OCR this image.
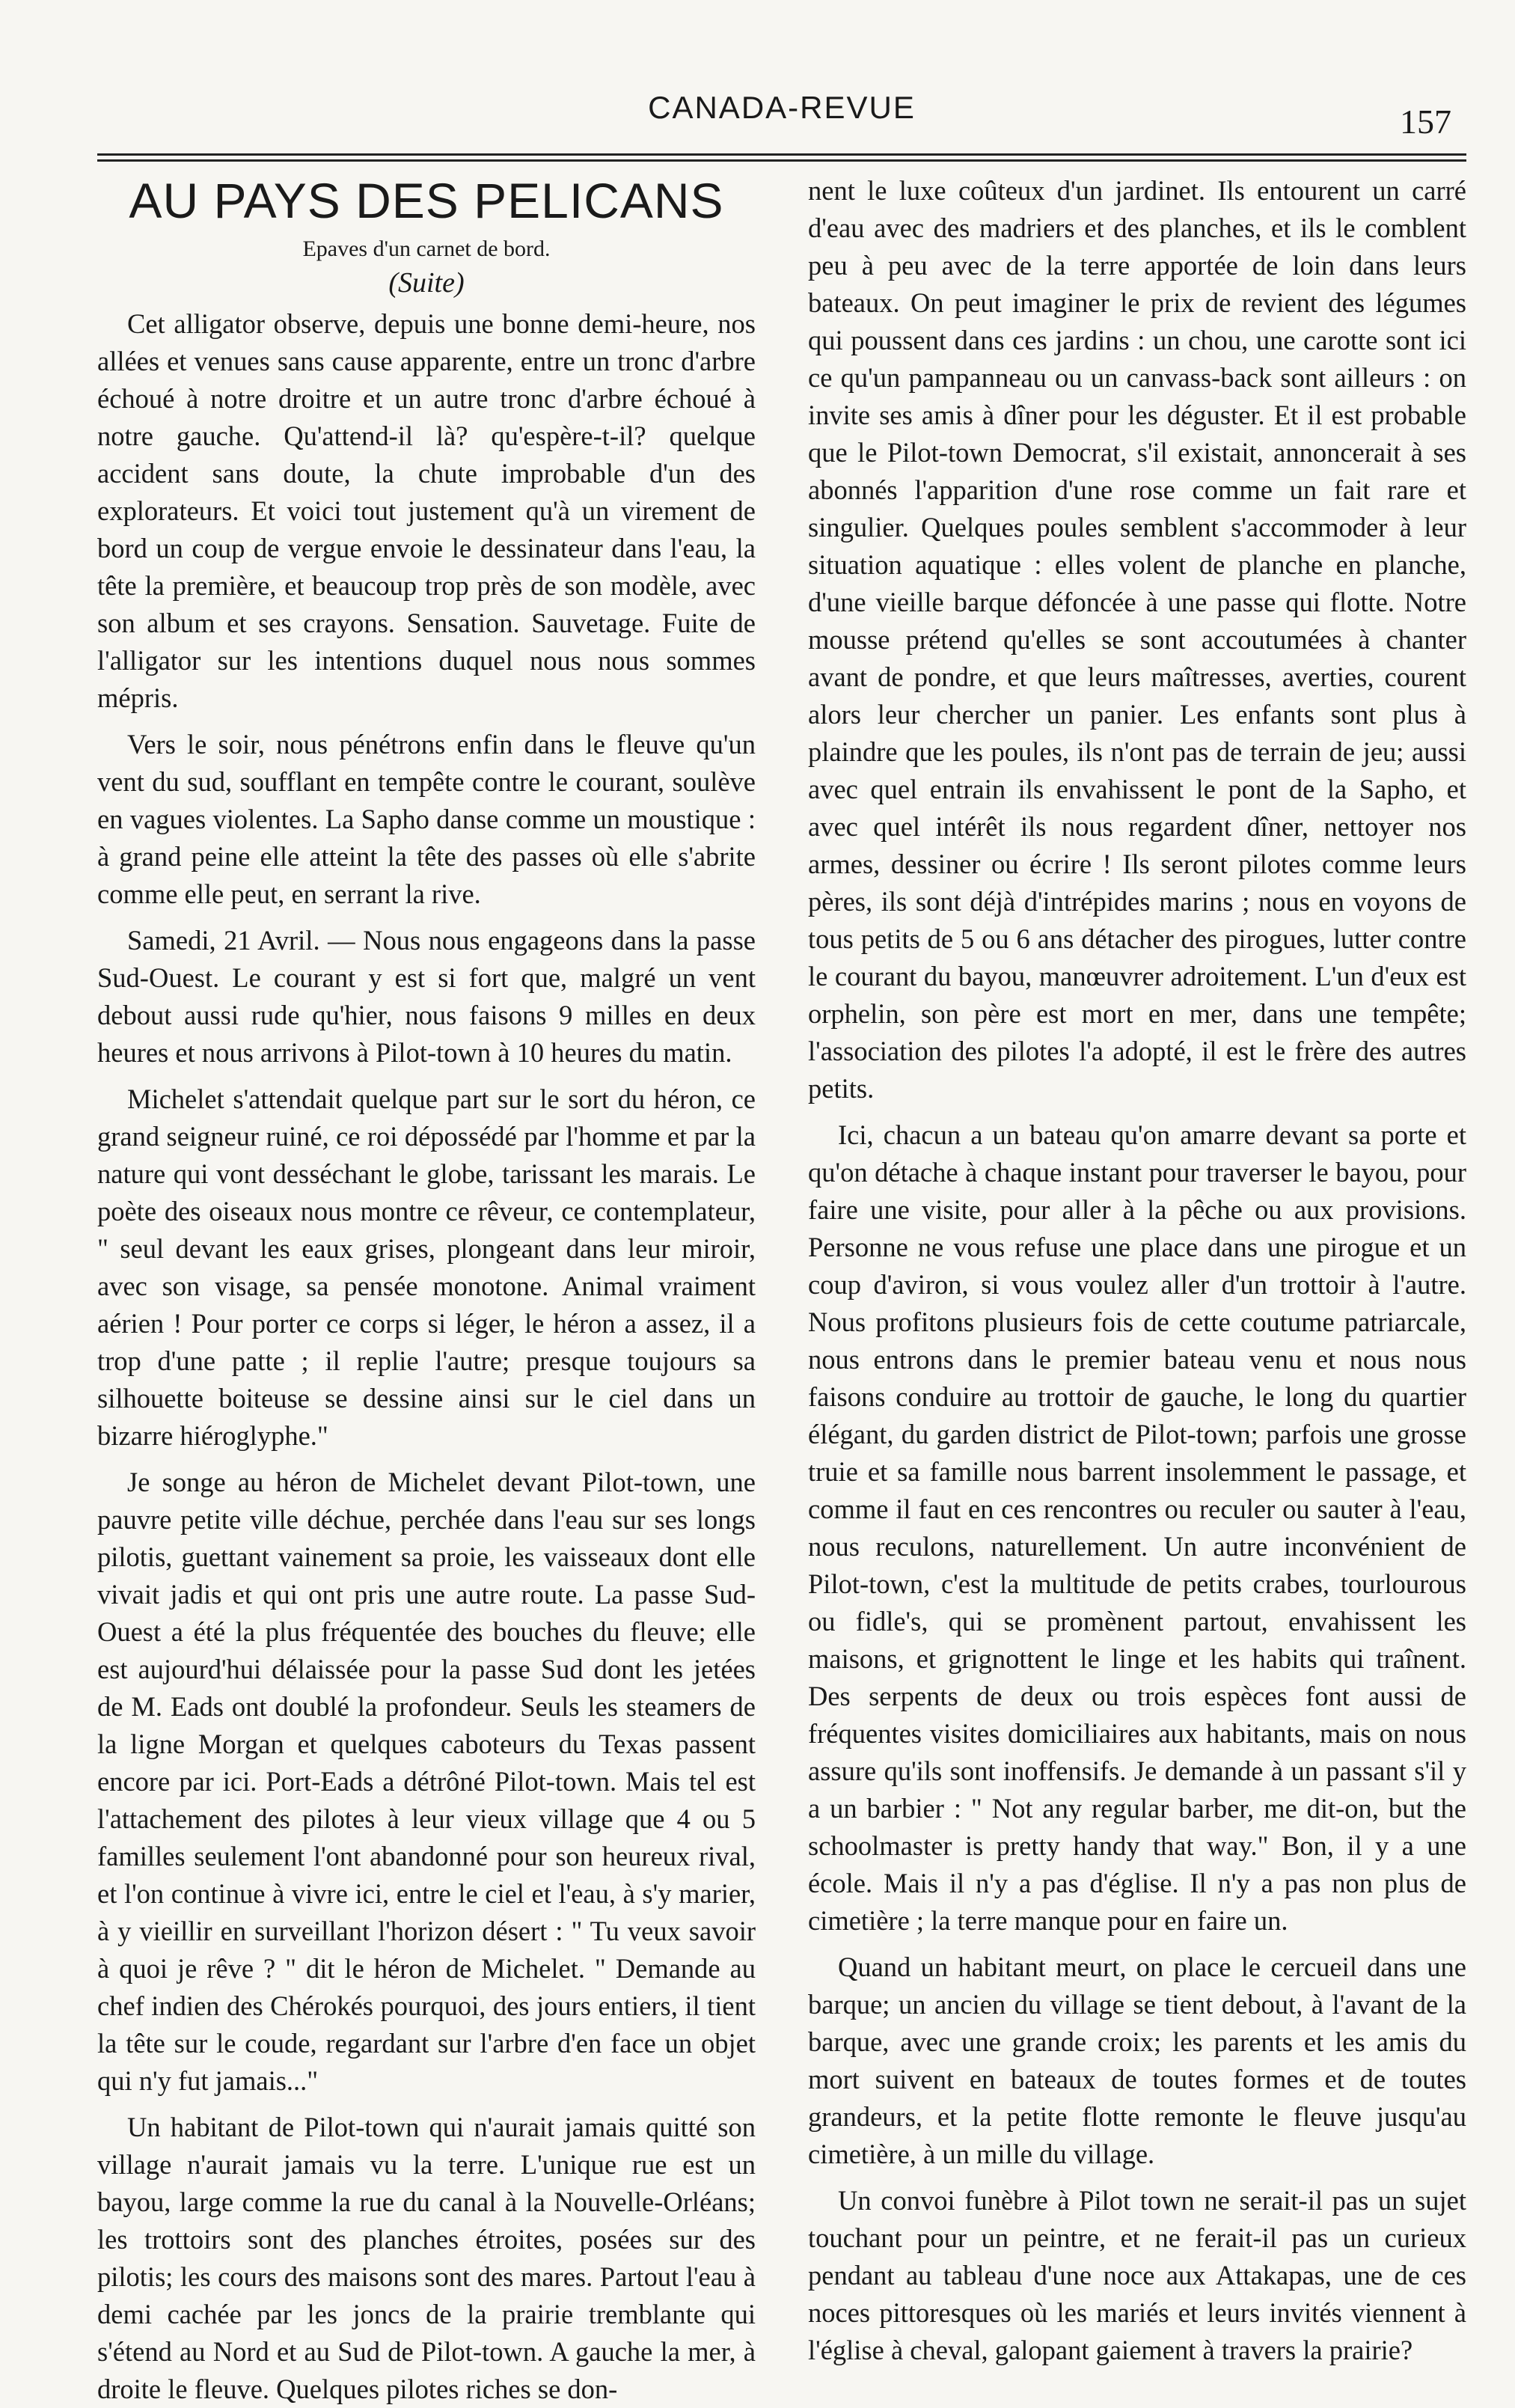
CANADA-REVUE	157
AU PAYS DES PELICANS
Epaves d'un carnet de bord.
(Suite)

Cet alligator observe, depuis une bonne demi-heure, nos allées et venues sans cause apparente, entre un tronc d'arbre échoué à notre droitre et un autre tronc d'arbre échoué à notre gauche. Qu'attend-il là? qu'espère-t-il? quelque accident sans doute, la chute improbable d'un des explorateurs. Et voici tout justement qu'à un virement de bord un coup de vergue envoie le dessinateur dans l'eau, la tête la première, et beaucoup trop près de son modèle, avec son album et ses crayons. Sensation. Sauvetage. Fuite de l'alligator sur les intentions duquel nous nous sommes mépris.

Vers le soir, nous pénétrons enfin dans le fleuve qu'un vent du sud, soufflant en tempête contre le courant, soulève en vagues violentes. La Sapho danse comme un moustique : à grand peine elle atteint la tête des passes où elle s'abrite comme elle peut, en serrant la rive.

Samedi, 21 Avril. — Nous nous engageons dans la passe Sud-Ouest. Le courant y est si fort que, malgré un vent debout aussi rude qu'hier, nous faisons 9 milles en deux heures et nous arrivons à Pilot-town à 10 heures du matin.

Michelet s'attendait quelque part sur le sort du héron, ce grand seigneur ruiné, ce roi dépossédé par l'homme et par la nature qui vont desséchant le globe, tarissant les marais. Le poète des oiseaux nous montre ce rêveur, ce contemplateur, " seul devant les eaux grises, plongeant dans leur miroir, avec son visage, sa pensée monotone. Animal vraiment aérien ! Pour porter ce corps si léger, le héron a assez, il a trop d'une patte ; il replie l'autre; presque toujours sa silhouette boiteuse se dessine ainsi sur le ciel dans un bizarre hiéroglyphe."

Je songe au héron de Michelet devant Pilot-town, une pauvre petite ville déchue, perchée dans l'eau sur ses longs pilotis, guettant vainement sa proie, les vaisseaux dont elle vivait jadis et qui ont pris une autre route. La passe Sud-Ouest a été la plus fréquentée des bouches du fleuve; elle est aujourd'hui délaissée pour la passe Sud dont les jetées de M. Eads ont doublé la profondeur. Seuls les steamers de la ligne Morgan et quelques caboteurs du Texas passent encore par ici. Port-Eads a détrôné Pilot-town. Mais tel est l'attachement des pilotes à leur vieux village que 4 ou 5 familles seulement l'ont abandonné pour son heureux rival, et l'on continue à vivre ici, entre le ciel et l'eau, à s'y marier, à y vieillir en surveillant l'horizon désert : " Tu veux savoir à quoi je rêve ? " dit le héron de Michelet. " Demande au chef indien des Chérokés pourquoi, des jours entiers, il tient la tête sur le coude, regardant sur l'arbre d'en face un objet qui n'y fut jamais..."

Un habitant de Pilot-town qui n'aurait jamais quitté son village n'aurait jamais vu la terre. L'unique rue est un bayou, large comme la rue du canal à la Nouvelle-Orléans; les trottoirs sont des planches étroites, posées sur des pilotis; les cours des maisons sont des mares. Partout l'eau à demi cachée par les joncs de la prairie tremblante qui s'étend au Nord et au Sud de Pilot-town. A gauche la mer, à droite le fleuve. Quelques pilotes riches se don-

nent le luxe coûteux d'un jardinet. Ils entourent un carré d'eau avec des madriers et des planches, et ils le comblent peu à peu avec de la terre apportée de loin dans leurs bateaux. On peut imaginer le prix de revient des légumes qui poussent dans ces jardins : un chou, une carotte sont ici ce qu'un pampanneau ou un canvass-back sont ailleurs : on invite ses amis à dîner pour les déguster. Et il est probable que le Pilot-town Democrat, s'il existait, annoncerait à ses abonnés l'apparition d'une rose comme un fait rare et singulier. Quelques poules semblent s'accommoder à leur situation aquatique : elles volent de planche en planche, d'une vieille barque défoncée à une passe qui flotte. Notre mousse prétend qu'elles se sont accoutumées à chanter avant de pondre, et que leurs maîtresses, averties, courent alors leur chercher un panier. Les enfants sont plus à plaindre que les poules, ils n'ont pas de terrain de jeu; aussi avec quel entrain ils envahissent le pont de la Sapho, et avec quel intérêt ils nous regardent dîner, nettoyer nos armes, dessiner ou écrire ! Ils seront pilotes comme leurs pères, ils sont déjà d'intrépides marins ; nous en voyons de tous petits de 5 ou 6 ans détacher des pirogues, lutter contre le courant du bayou, manœuvrer adroitement. L'un d'eux est orphelin, son père est mort en mer, dans une tempête; l'association des pilotes l'a adopté, il est le frère des autres petits.

Ici, chacun a un bateau qu'on amarre devant sa porte et qu'on détache à chaque instant pour traverser le bayou, pour faire une visite, pour aller à la pêche ou aux provisions. Personne ne vous refuse une place dans une pirogue et un coup d'aviron, si vous voulez aller d'un trottoir à l'autre. Nous profitons plusieurs fois de cette coutume patriarcale, nous entrons dans le premier bateau venu et nous nous faisons conduire au trottoir de gauche, le long du quartier élégant, du garden district de Pilot-town; parfois une grosse truie et sa famille nous barrent insolemment le passage, et comme il faut en ces rencontres ou reculer ou sauter à l'eau, nous reculons, naturellement. Un autre inconvénient de Pilot-town, c'est la multitude de petits crabes, tourlourous ou fidle's, qui se promènent partout, envahissent les maisons, et grignottent le linge et les habits qui traînent. Des serpents de deux ou trois espèces font aussi de fréquentes visites domiciliaires aux habitants, mais on nous assure qu'ils sont inoffensifs. Je demande à un passant s'il y a un barbier : " Not any regular barber, me dit-on, but the schoolmaster is pretty handy that way." Bon, il y a une école. Mais il n'y a pas d'église. Il n'y a pas non plus de cimetière ; la terre manque pour en faire un.

Quand un habitant meurt, on place le cercueil dans une barque; un ancien du village se tient debout, à l'avant de la barque, avec une grande croix; les parents et les amis du mort suivent en bateaux de toutes formes et de toutes grandeurs, et la petite flotte remonte le fleuve jusqu'au cimetière, à un mille du village.

Un convoi funèbre à Pilot town ne serait-il pas un sujet touchant pour un peintre, et ne ferait-il pas un curieux pendant au tableau d'une noce aux Attakapas, une de ces noces pittoresques où les mariés et leurs invités viennent à l'église à cheval, galopant gaiement à travers la prairie?
